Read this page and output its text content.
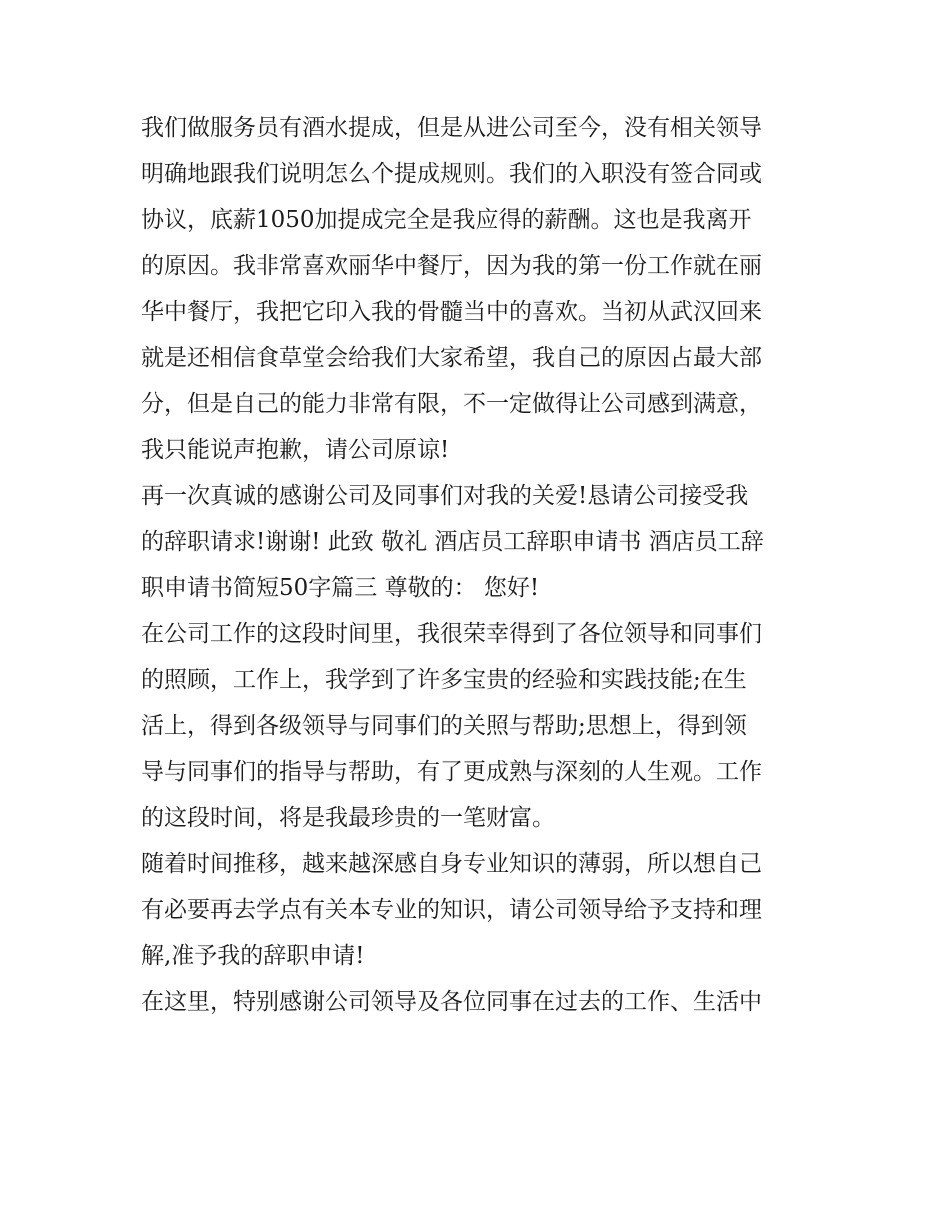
我们做服务员有酒水提成，但是从进公司至今，没有相关领导
明确地跟我们说明怎么个提成规则。我们的入职没有签合同或
协议，底薪1050加提成完全是我应得的薪酬。这也是我离开
的原因。我非常喜欢丽华中餐厅，因为我的第一份工作就在丽
华中餐厅，我把它印入我的骨髓当中的喜欢。当初从武汉回来
就是还相信食草堂会给我们大家希望，我自己的原因占最大部
分，但是自己的能力非常有限，不一定做得让公司感到满意，
我只能说声抱歉，请公司原谅!
再一次真诚的感谢公司及同事们对我的关爱!恳请公司接受我
的辞职请求!谢谢! 此致 敬礼 酒店员工辞职申请书 酒店员工辞
职申请书简短50字篇三 尊敬的： 您好!
在公司工作的这段时间里，我很荣幸得到了各位领导和同事们
的照顾，工作上，我学到了许多宝贵的经验和实践技能;在生
活上，得到各级领导与同事们的关照与帮助;思想上，得到领
导与同事们的指导与帮助，有了更成熟与深刻的人生观。工作
的这段时间，将是我最珍贵的一笔财富。
随着时间推移，越来越深感自身专业知识的薄弱，所以想自己
有必要再去学点有关本专业的知识，请公司领导给予支持和理
解,准予我的辞职申请!
在这里，特别感谢公司领导及各位同事在过去的工作、生活中
